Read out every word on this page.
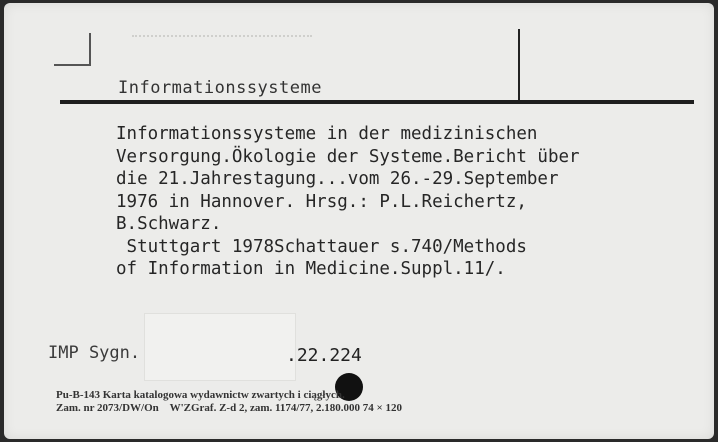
Informationssysteme
Informationssysteme in der medizinischen
Versorgung.Ökologie der Systeme.Bericht über
die 21.Jahrestagung...vom 26.-29.September
1976 in Hannover. Hrsg.: P.L.Reichertz,
B.Schwarz.
Stuttgart 1978Schattauer s.740/Methods
of Information in Medicine.Suppl.11/.
IMP Sygn.	.22.224
Pu-B-143 Karta katalogowa wydawnictw zwartych i ciągłych.
Zam. nr 2073/DW/On    W'ZGraf. Z-d 2, zam. 1174/77, 2.180.000 74 × 120
